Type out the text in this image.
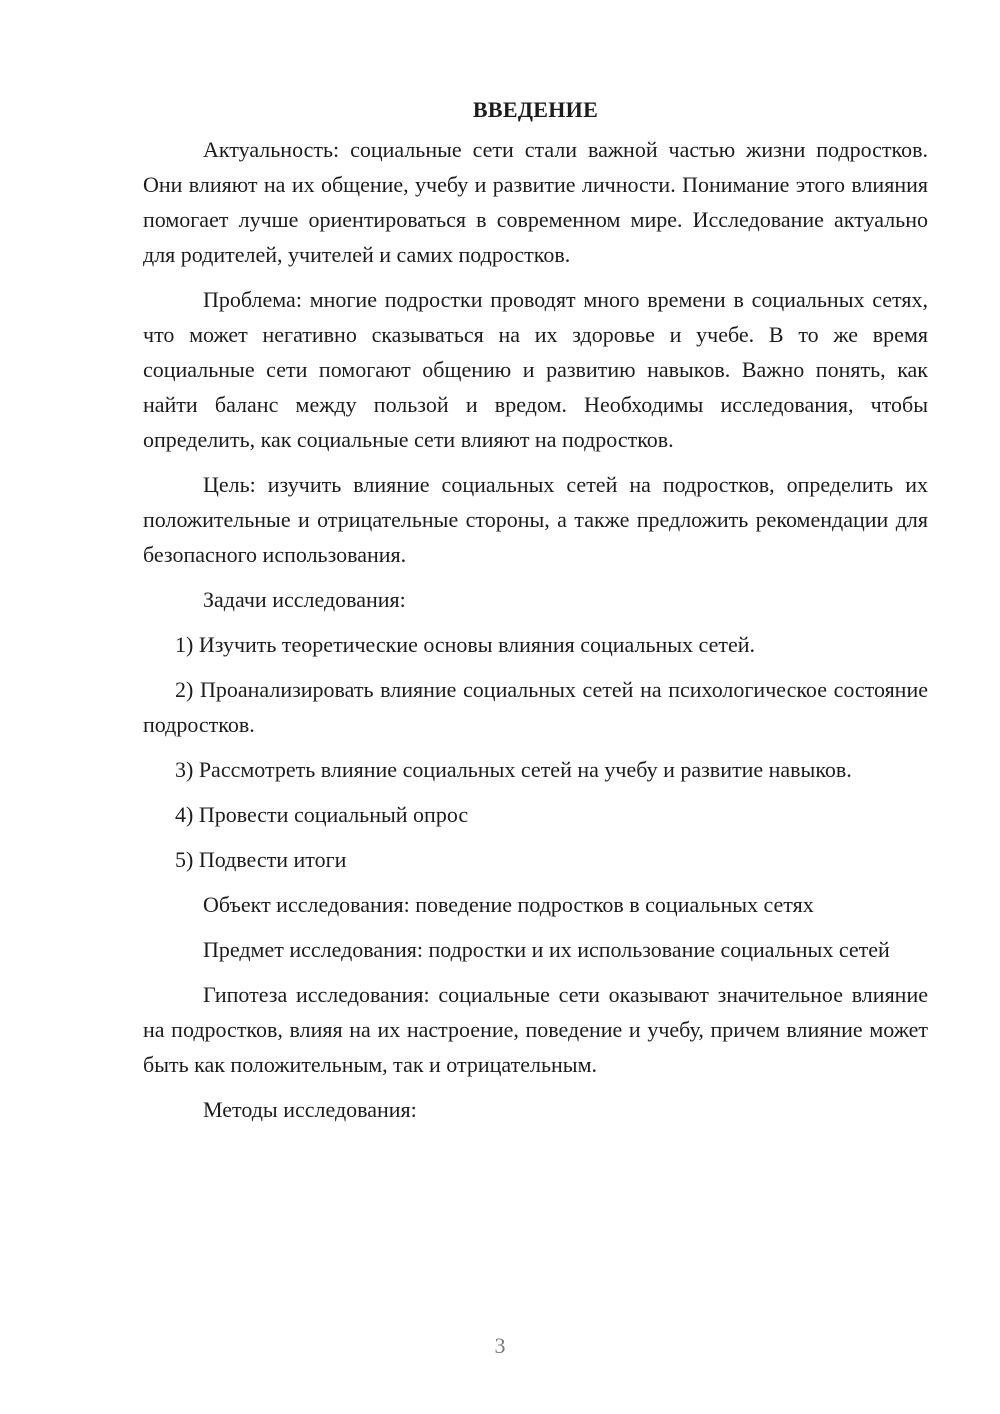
ВВЕДЕНИЕ

Актуальность: социальные сети стали важной частью жизни подростков. Они влияют на их общение, учебу и развитие личности. Понимание этого влияния помогает лучше ориентироваться в современном мире. Исследование актуально для родителей, учителей и самих подростков.

Проблема: многие подростки проводят много времени в социальных сетях, что может негативно сказываться на их здоровье и учебе. В то же время социальные сети помогают общению и развитию навыков. Важно понять, как найти баланс между пользой и вредом. Необходимы исследования, чтобы определить, как социальные сети влияют на подростков.

Цель: изучить влияние социальных сетей на подростков, определить их положительные и отрицательные стороны, а также предложить рекомендации для безопасного использования.

Задачи исследования:

1) Изучить теоретические основы влияния социальных сетей.

2) Проанализировать влияние социальных сетей на психологическое состояние подростков.

3) Рассмотреть влияние социальных сетей на учебу и развитие навыков.

4) Провести социальный опрос

5) Подвести итоги

Объект исследования: поведение подростков в социальных сетях

Предмет исследования: подростки и их использование социальных сетей

Гипотеза исследования: социальные сети оказывают значительное влияние на подростков, влияя на их настроение, поведение и учебу, причем влияние может быть как положительным, так и отрицательным.

Методы исследования:

3
